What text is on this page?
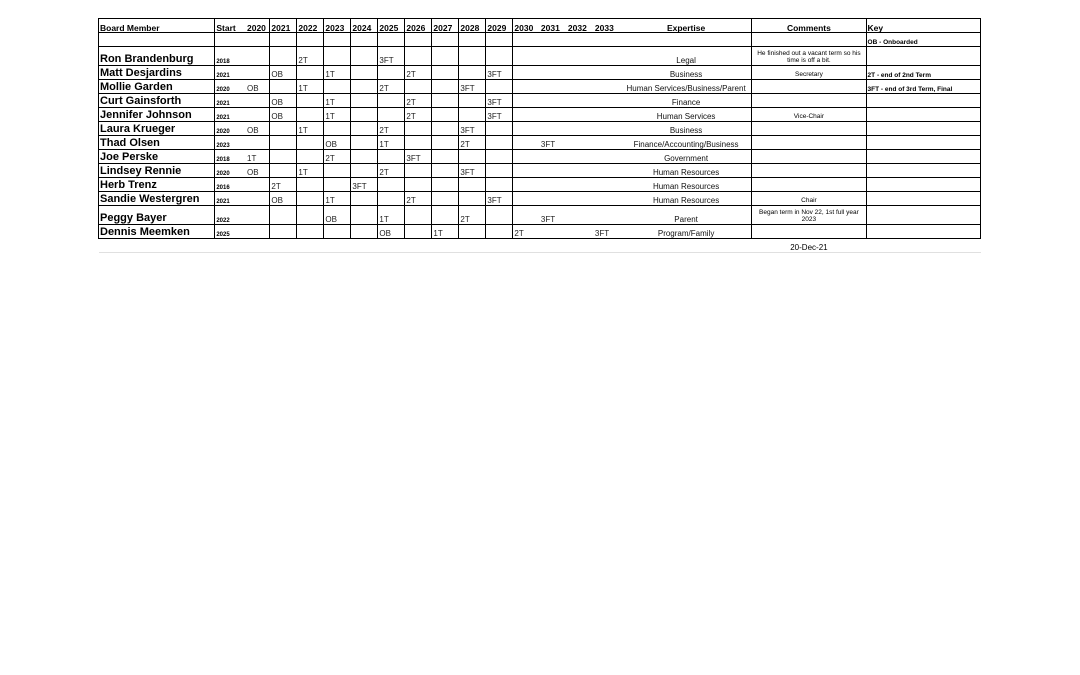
Board Member	Start	2020	2021	2022	2023	2024	2025	2026	2027	2028	2029	2030	2031	2032	2033	Expertise	Comments	Key
																		OB - Onboarded
Ron Brandenburg	2018			2T			3FT									Legal	He finished out a vacant term so his time is off a bit.	
Matt Desjardins	2021		OB		1T			2T			3FT					Business	Secretary	2T - end of 2nd Term
Mollie Garden	2020	OB		1T			2T			3FT						Human Services/Business/Parent		3FT - end of 3rd Term, Final
Curt Gainsforth	2021		OB		1T			2T			3FT					Finance		
Jennifer Johnson	2021		OB		1T			2T			3FT					Human Services	Vice-Chair	
Laura Krueger	2020	OB		1T			2T			3FT						Business		
Thad Olsen	2023				OB		1T			2T			3FT			Finance/Accounting/Business		
Joe Perske	2018	1T			2T			3FT								Government		
Lindsey Rennie	2020	OB		1T			2T			3FT						Human Resources		
Herb Trenz	2016		2T			3FT										Human Resources		
Sandie Westergren	2021		OB		1T			2T			3FT					Human Resources	Chair	
Peggy Bayer	2022				OB		1T			2T			3FT			Parent	Began term in Nov 22, 1st full year 2023	
Dennis Meemken	2025						OB		1T			2T			3FT	Program/Family		
																	20-Dec-21	
